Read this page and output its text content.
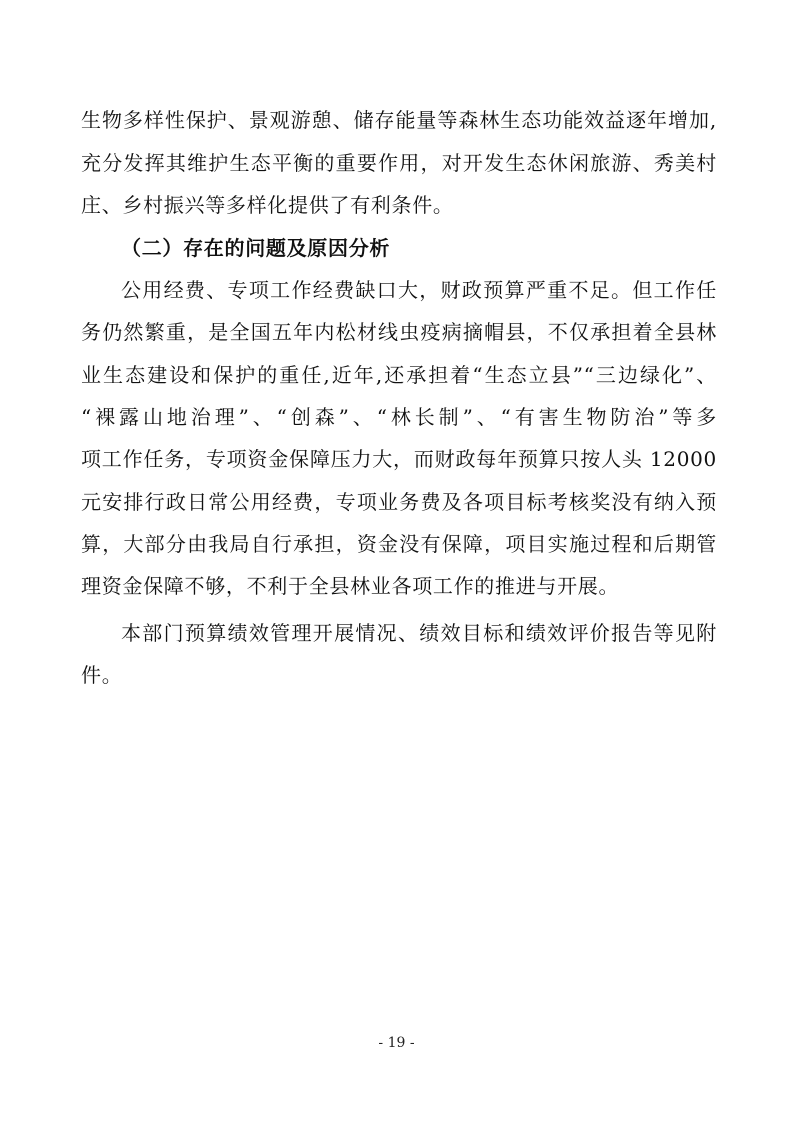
生物多样性保护、景观游憩、储存能量等森林生态功能效益逐年增加,
充分发挥其维护生态平衡的重要作用，对开发生态休闲旅游、秀美村
庄、乡村振兴等多样化提供了有利条件。
（二）存在的问题及原因分析
公用经费、专项工作经费缺口大，财政预算严重不足。但工作任
务仍然繁重，是全国五年内松材线虫疫病摘帽县，不仅承担着全县林
业生态建设和保护的重任,近年,还承担着“生态立县”“三边绿化”、
“裸露山地治理”、“创森”、“林长制”、“有害生物防治”等多
项工作任务，专项资金保障压力大，而财政每年预算只按人头 12000
元安排行政日常公用经费，专项业务费及各项目标考核奖没有纳入预
算，大部分由我局自行承担，资金没有保障，项目实施过程和后期管
理资金保障不够，不利于全县林业各项工作的推进与开展。
本部门预算绩效管理开展情况、绩效目标和绩效评价报告等见附
件。
- 19 -
